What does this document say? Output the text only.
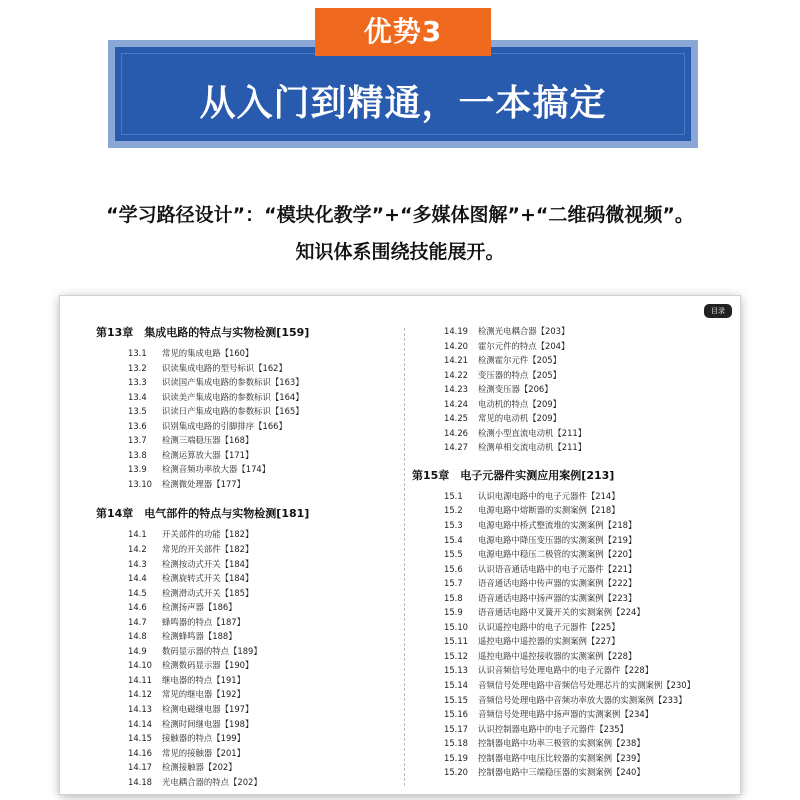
优势3
从入门到精通，一本搞定
“学习路径设计”：“模块化教学”+“多媒体图解”+“二维码微视频”。
知识体系围绕技能展开。
目录
第13章　集成电路的特点与实物检测[159]
13.1 常见的集成电路【160】
13.2 识读集成电路的型号标识【162】
13.3 识读国产集成电路的参数标识【163】
13.4 识读美产集成电路的参数标识【164】
13.5 识读日产集成电路的参数标识【165】
13.6 识别集成电路的引脚排序【166】
13.7 检测三端稳压器【168】
13.8 检测运算放大器【171】
13.9 检测音频功率放大器【174】
13.10 检测微处理器【177】
第14章　电气部件的特点与实物检测[181]
14.1 开关部件的功能【182】
14.2 常见的开关部件【182】
14.3 检测按动式开关【184】
14.4 检测旋转式开关【184】
14.5 检测滑动式开关【185】
14.6 检测扬声器【186】
14.7 蜂鸣器的特点【187】
14.8 检测蜂鸣器【188】
14.9 数码显示器的特点【189】
14.10 检测数码显示器【190】
14.11 继电器的特点【191】
14.12 常见的继电器【192】
14.13 检测电磁继电器【197】
14.14 检测时间继电器【198】
14.15 接触器的特点【199】
14.16 常见的接触器【201】
14.17 检测接触器【202】
14.18 光电耦合器的特点【202】
14.19 检测光电耦合器【203】
14.20 霍尔元件的特点【204】
14.21 检测霍尔元件【205】
14.22 变压器的特点【205】
14.23 检测变压器【206】
14.24 电动机的特点【209】
14.25 常见的电动机【209】
14.26 检测小型直流电动机【211】
14.27 检测单相交流电动机【211】
第15章　电子元器件实测应用案例[213]
15.1 认识电源电路中的电子元器件【214】
15.2 电源电路中熔断器的实测案例【218】
15.3 电源电路中桥式整流堆的实测案例【218】
15.4 电源电路中降压变压器的实测案例【219】
15.5 电源电路中稳压二极管的实测案例【220】
15.6 认识语音通话电路中的电子元器件【221】
15.7 语音通话电路中传声器的实测案例【222】
15.8 语音通话电路中扬声器的实测案例【223】
15.9 语音通话电路中叉簧开关的实测案例【224】
15.10 认识遥控电路中的电子元器件【225】
15.11 遥控电路中遥控器的实测案例【227】
15.12 遥控电路中遥控接收器的实测案例【228】
15.13 认识音频信号处理电路中的电子元器件【228】
15.14 音频信号处理电路中音频信号处理芯片的实测案例【230】
15.15 音频信号处理电路中音频功率放大器的实测案例【233】
15.16 音频信号处理电路中扬声器的实测案例【234】
15.17 认识控制器电路中的电子元器件【235】
15.18 控制器电路中功率三极管的实测案例【238】
15.19 控制器电路中电压比较器的实测案例【239】
15.20 控制器电路中三端稳压器的实测案例【240】
